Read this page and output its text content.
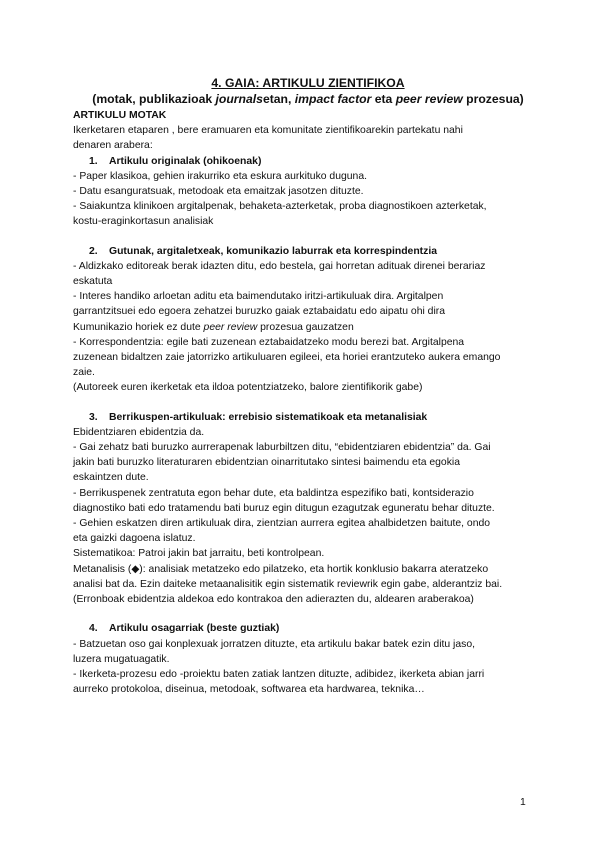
4. GAIA: ARTIKULU ZIENTIFIKOA
(motak, publikazioak journalsetan, impact factor eta peer review prozesua)

ARTIKULU MOTAK

Ikerketaren etaparen , bere eramuaren eta komunitate zientifikoarekin partekatu nahi

denaren arabera:

1. Artikulu originalak (ohikoenak)

- Paper klasikoa, gehien irakurriko eta eskura aurkituko duguna.

- Datu esanguratsuak, metodoak eta emaitzak jasotzen dituzte.

- Saiakuntza klinikoen argitalpenak, behaketa-azterketak, proba diagnostikoen azterketak,

kostu-eraginkortasun analisiak

2. Gutunak, argitaletxeak, komunikazio laburrak eta korrespindentzia

- Aldizkako editoreak berak idazten ditu, edo bestela, gai horretan adituak direnei berariaz

eskatuta

- Interes handiko arloetan aditu eta baimendutako iritzi-artikuluak dira. Argitalpen

garrantzitsuei edo egoera zehatzei buruzko gaiak eztabaidatu edo aipatu ohi dira

Kumunikazio horiek ez dute peer review prozesua gauzatzen

- Korrespondentzia: egile bati zuzenean eztabaidatzeko modu berezi bat. Argitalpena

zuzenean bidaltzen zaie jatorrizko artikuluaren egileei, eta horiei erantzuteko aukera emango

zaie.

(Autoreek euren ikerketak eta ildoa potentziatzeko, balore zientifikorik gabe)

3. Berrikuspen-artikuluak: errebisio sistematikoak eta metanalisiak

Ebidentziaren ebidentzia da.

- Gai zehatz bati buruzko aurrerapenak laburbiltzen ditu, “ebidentziaren ebidentzia” da. Gai

jakin bati buruzko literaturaren ebidentzian oinarritutako sintesi baimendu eta egokia

eskaintzen dute.

- Berrikuspenek zentratuta egon behar dute, eta baldintza espezifiko bati, kontsiderazio

diagnostiko bati edo tratamendu bati buruz egin ditugun ezagutzak eguneratu behar dituzte.

- Gehien eskatzen diren artikuluak dira, zientzian aurrera egitea ahalbidetzen baitute, ondo

eta gaizki dagoena islatuz.

Sistematikoa: Patroi jakin bat jarraitu, beti kontrolpean.

Metanalisis (◆): analisiak metatzeko edo pilatzeko, eta hortik konklusio bakarra ateratzeko

analisi bat da. Ezin daiteke metaanalisitik egin sistematik reviewrik egin gabe, alderantziz bai.

(Erronboak ebidentzia aldekoa edo kontrakoa den adierazten du, aldearen araberakoa)

4. Artikulu osagarriak (beste guztiak)

- Batzuetan oso gai konplexuak jorratzen dituzte, eta artikulu bakar batek ezin ditu jaso,

luzera mugatuagatik.

- Ikerketa-prozesu edo -proiektu baten zatiak lantzen dituzte, adibidez, ikerketa abian jarri

aurreko protokoloa, diseinua, metodoak, softwarea eta hardwarea, teknika…

1
